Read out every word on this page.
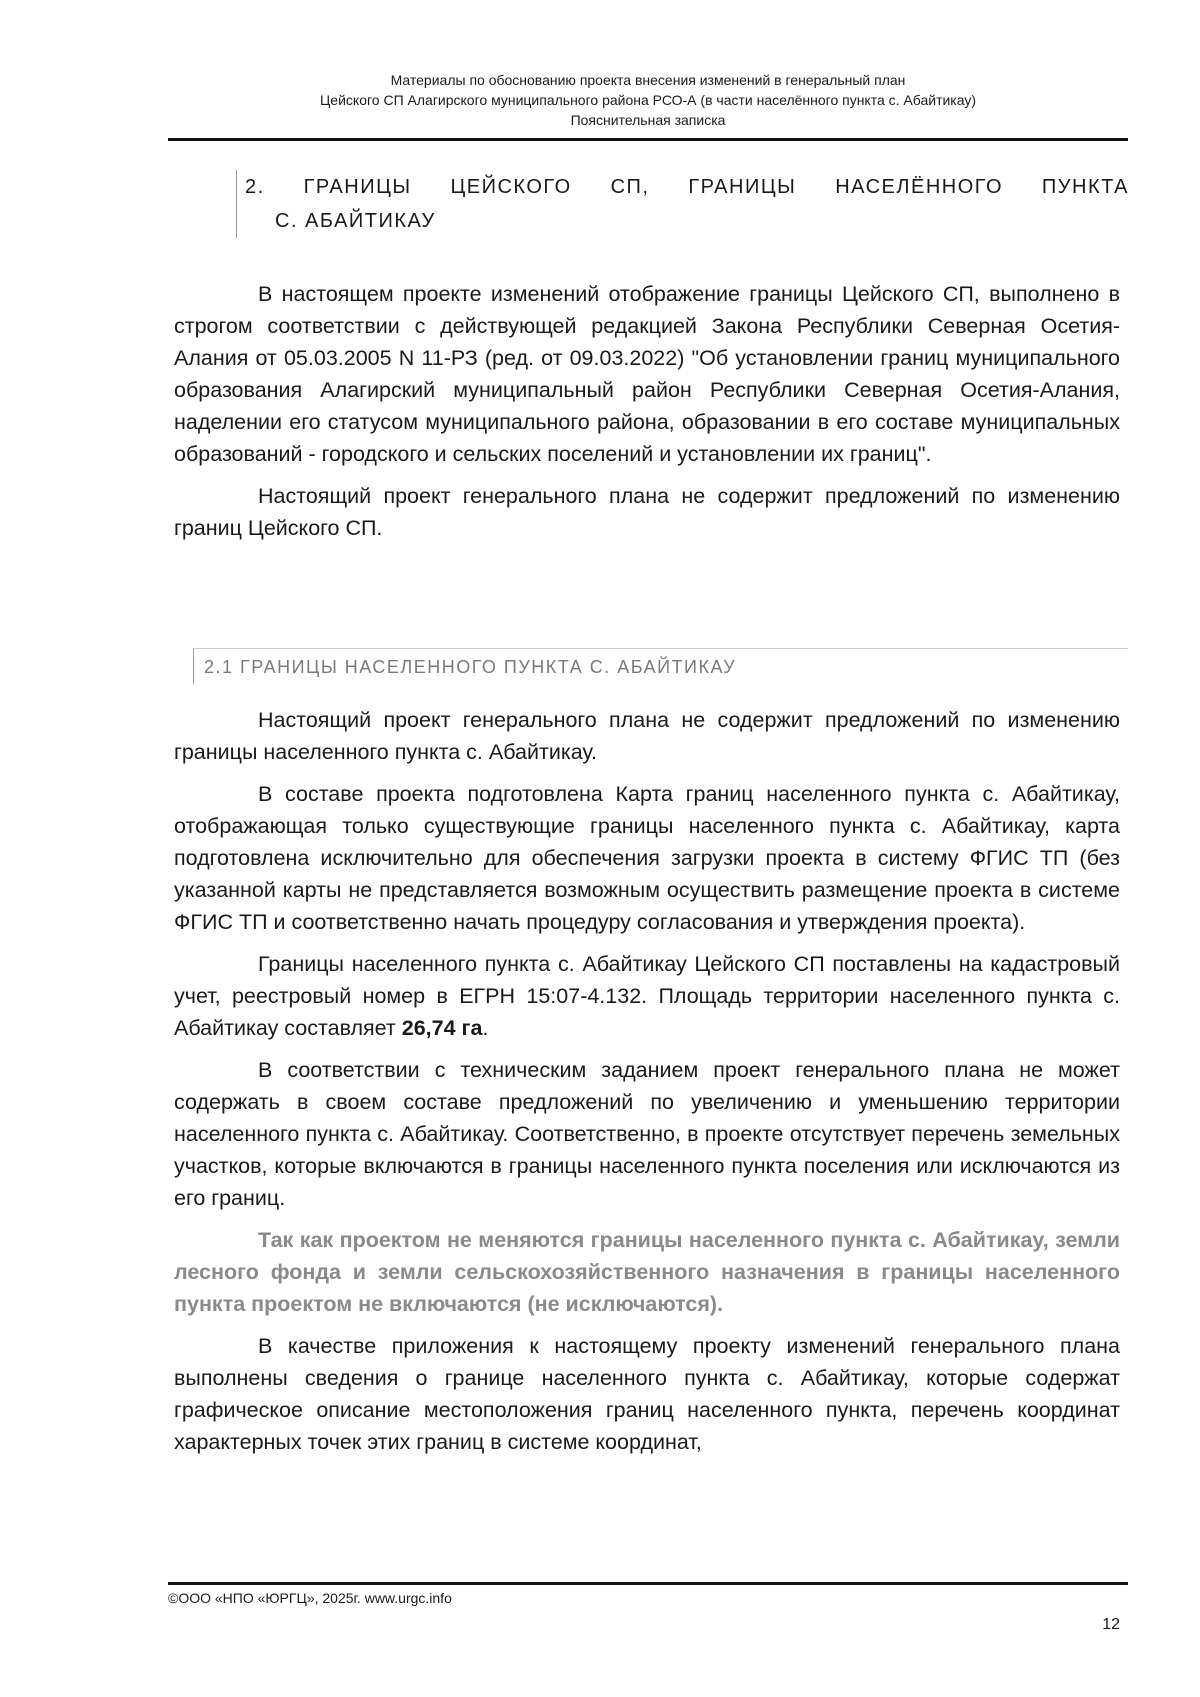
Материалы по обоснованию проекта внесения изменений в генеральный план
Цейского СП Алагирского муниципального района РСО-А (в части населённого пункта с. Абайтикау)
Пояснительная записка
2. ГРАНИЦЫ ЦЕЙСКОГО СП, ГРАНИЦЫ НАСЕЛЁННОГО ПУНКТА
С. АБАЙТИКАУ

В настоящем проекте изменений отображение границы Цейского СП, выполнено в строгом соответствии с действующей редакцией Закона Республики Северная Осетия-Алания от 05.03.2005 N 11-РЗ (ред. от 09.03.2022) "Об установлении границ муниципального образования Алагирский муниципальный район Республики Северная Осетия-Алания, наделении его статусом муниципального района, образовании в его составе муниципальных образований - городского и сельских поселений и установлении их границ".

Настоящий проект генерального плана не содержит предложений по изменению границ Цейского СП.

2.1 ГРАНИЦЫ НАСЕЛЕННОГО ПУНКТА С. АБАЙТИКАУ

Настоящий проект генерального плана не содержит предложений по изменению границы населенного пункта с. Абайтикау.

В составе проекта подготовлена Карта границ населенного пункта с. Абайтикау, отображающая только существующие границы населенного пункта с. Абайтикау, карта подготовлена исключительно для обеспечения загрузки проекта в систему ФГИС ТП (без указанной карты не представляется возможным осуществить размещение проекта в системе ФГИС ТП и соответственно начать процедуру согласования и утверждения проекта).

Границы населенного пункта с. Абайтикау Цейского СП поставлены на кадастровый учет, реестровый номер в ЕГРН 15:07-4.132. Площадь территории населенного пункта с. Абайтикау составляет 26,74 га.

В соответствии с техническим заданием проект генерального плана не может содержать в своем составе предложений по увеличению и уменьшению территории населенного пункта с. Абайтикау. Соответственно, в проекте отсутствует перечень земельных участков, которые включаются в границы населенного пункта поселения или исключаются из его границ.

Так как проектом не меняются границы населенного пункта с. Абайтикау, земли лесного фонда и земли сельскохозяйственного назначения в границы населенного пункта проектом не включаются (не исключаются).

В качестве приложения к настоящему проекту изменений генерального плана выполнены сведения о границе населенного пункта с. Абайтикау, которые содержат графическое описание местоположения границ населенного пункта, перечень координат характерных точек этих границ в системе координат,

©ООО «НПО «ЮРГЦ», 2025г. www.urgc.info
12
